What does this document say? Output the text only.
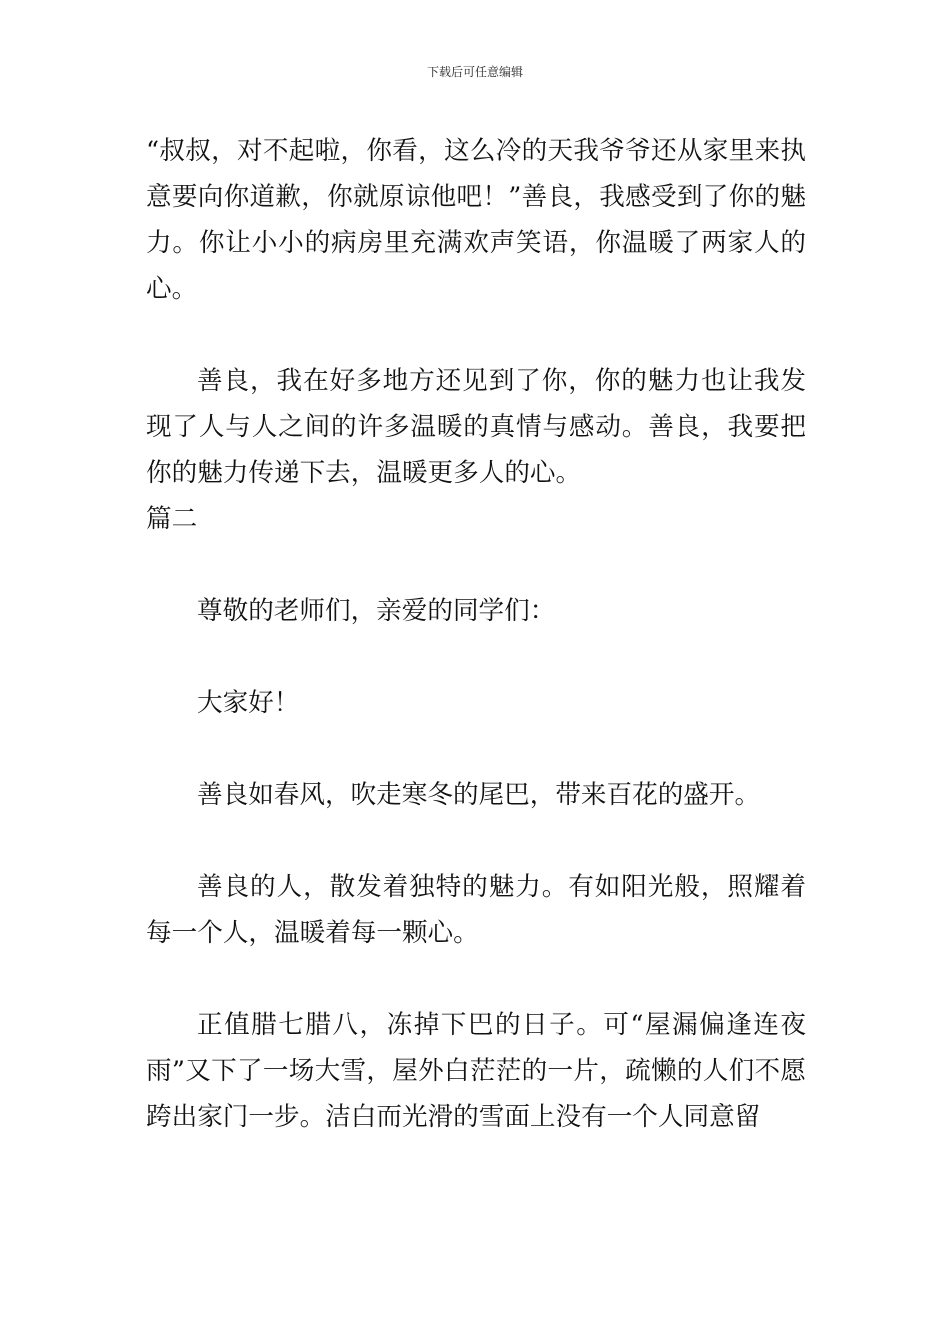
下载后可任意编辑

“叔叔，对不起啦，你看，这么冷的天我爷爷还从家里来执意要向你道歉，你就原谅他吧！”善良，我感受到了你的魅力。你让小小的病房里充满欢声笑语，你温暖了两家人的心。

善良，我在好多地方还见到了你，你的魅力也让我发现了人与人之间的许多温暖的真情与感动。善良，我要把你的魅力传递下去，温暖更多人的心。

篇二

尊敬的老师们，亲爱的同学们：

大家好！

善良如春风，吹走寒冬的尾巴，带来百花的盛开。

善良的人，散发着独特的魅力。有如阳光般，照耀着每一个人，温暖着每一颗心。

正值腊七腊八，冻掉下巴的日子。可“屋漏偏逢连夜雨”又下了一场大雪，屋外白茫茫的一片，疏懒的人们不愿跨出家门一步。洁白而光滑的雪面上没有一个人同意留
